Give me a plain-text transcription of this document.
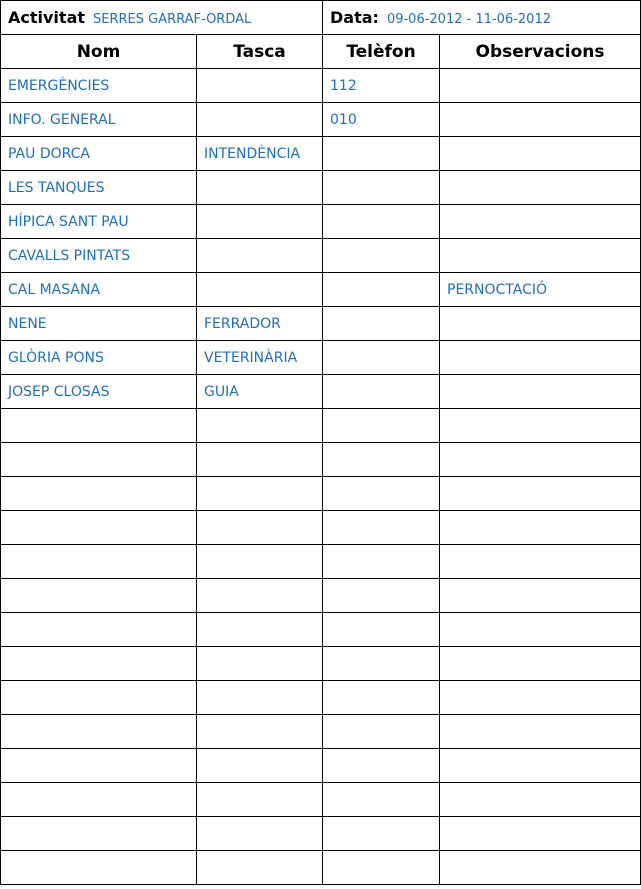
Activitat SERRES GARRAF-ORDAL		Data: 09-06-2012 - 11-06-2012	
Nom	Tasca	Telèfon	Observacions
EMERGÈNCIES		112	
INFO. GENERAL		010	
PAU DORCA	INTENDÈNCIA		
LES TANQUES			
HÍPICA SANT PAU			
CAVALLS PINTATS			
CAL MASANA			PERNOCTACIÓ
NENE	FERRADOR		
GLÒRIA PONS	VETERINÀRIA		
JOSEP CLOSAS	GUIA		
